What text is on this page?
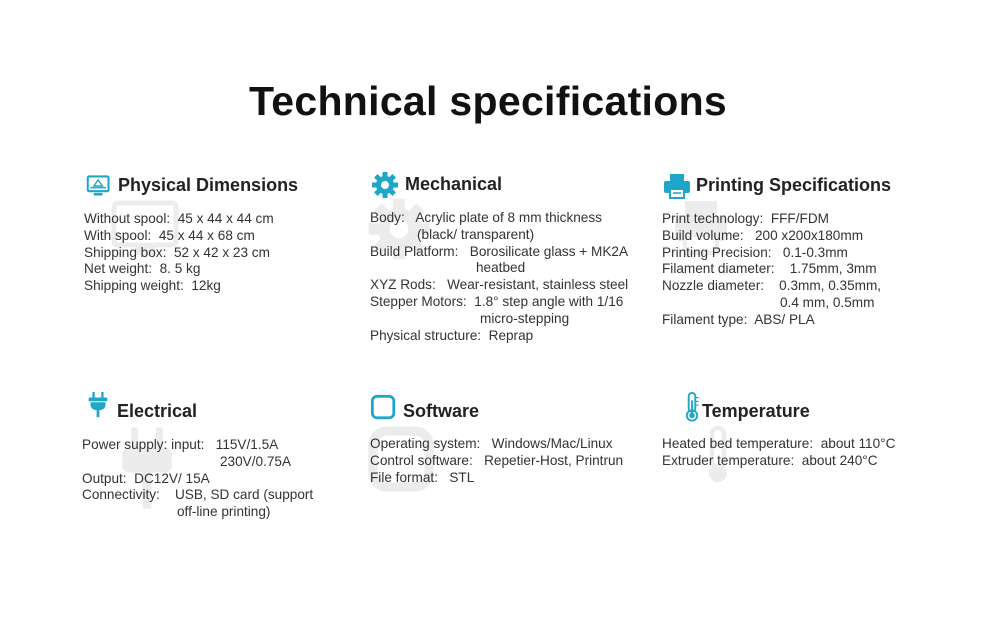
Technical specifications
Physical Dimensions
Without spool: 45 x 44 x 44 cm
With spool: 45 x 44 x 68 cm
Shipping box: 52 x 42 x 23 cm
Net weight: 8. 5 kg
Shipping weight: 12kg
Mechanical
Body: Acrylic plate of 8 mm thickness
(black/ transparent)
Build Platform: Borosilicate glass + MK2A
heatbed
XYZ Rods: Wear-resistant, stainless steel
Stepper Motors: 1.8° step angle with 1/16
micro-stepping
Physical structure: Reprap
Printing Specifications
Print technology: FFF/FDM
Build volume: 200 x200x180mm
Printing Precision: 0.1-0.3mm
Filament diameter: 1.75mm, 3mm
Nozzle diameter: 0.3mm, 0.35mm,
0.4 mm, 0.5mm
Filament type: ABS/ PLA
Electrical
Power supply: input: 115V/1.5A
230V/0.75A
Output: DC12V/ 15A
Connectivity: USB, SD card (support
off-line printing)
Software
Operating system: Windows/Mac/Linux
Control software: Repetier-Host, Printrun
File format: STL
Temperature
Heated bed temperature: about 110°C
Extruder temperature: about 240°C
